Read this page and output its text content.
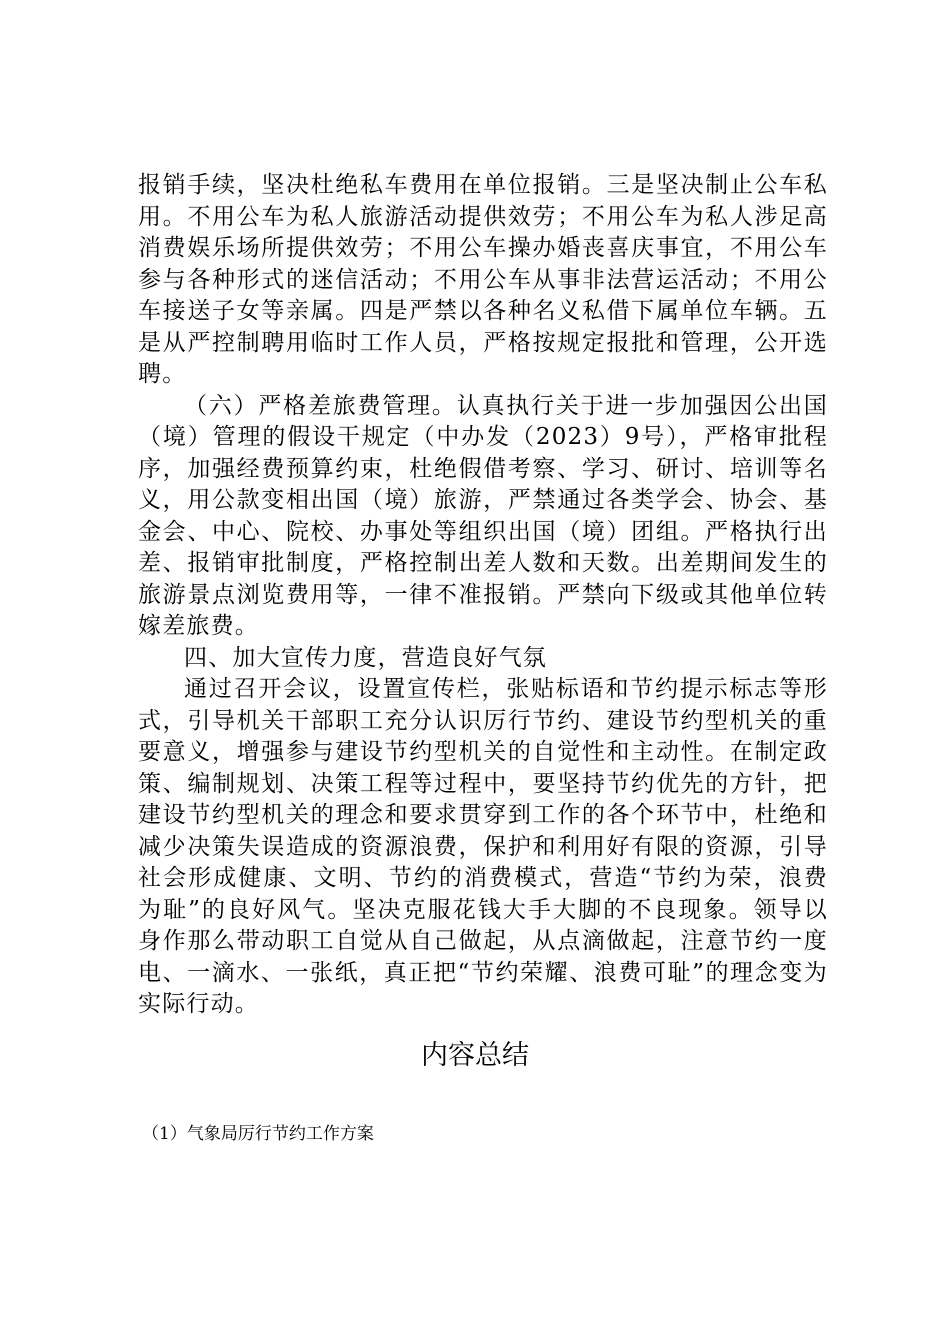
报销手续，坚决杜绝私车费用在单位报销。三是坚决制止公车私用。不用公车为私人旅游活动提供效劳；不用公车为私人涉足高消费娱乐场所提供效劳；不用公车操办婚丧喜庆事宜，不用公车参与各种形式的迷信活动；不用公车从事非法营运活动；不用公车接送子女等亲属。四是严禁以各种名义私借下属单位车辆。五是从严控制聘用临时工作人员，严格按规定报批和管理，公开选聘。

（六）严格差旅费管理。认真执行关于进一步加强因公出国（境）管理的假设干规定（中办发（2023）9号），严格审批程序，加强经费预算约束，杜绝假借考察、学习、研讨、培训等名义，用公款变相出国（境）旅游，严禁通过各类学会、协会、基金会、中心、院校、办事处等组织出国（境）团组。严格执行出差、报销审批制度，严格控制出差人数和天数。出差期间发生的旅游景点浏览费用等，一律不准报销。严禁向下级或其他单位转嫁差旅费。

四、加大宣传力度，营造良好气氛

通过召开会议，设置宣传栏，张贴标语和节约提示标志等形式，引导机关干部职工充分认识厉行节约、建设节约型机关的重要意义，增强参与建设节约型机关的自觉性和主动性。在制定政策、编制规划、决策工程等过程中，要坚持节约优先的方针，把建设节约型机关的理念和要求贯穿到工作的各个环节中，杜绝和减少决策失误造成的资源浪费，保护和利用好有限的资源，引导社会形成健康、文明、节约的消费模式，营造“节约为荣，浪费为耻”的良好风气。坚决克服花钱大手大脚的不良现象。领导以身作那么带动职工自觉从自己做起，从点滴做起，注意节约一度电、一滴水、一张纸，真正把“节约荣耀、浪费可耻”的理念变为实际行动。

内容总结

（1）气象局厉行节约工作方案
